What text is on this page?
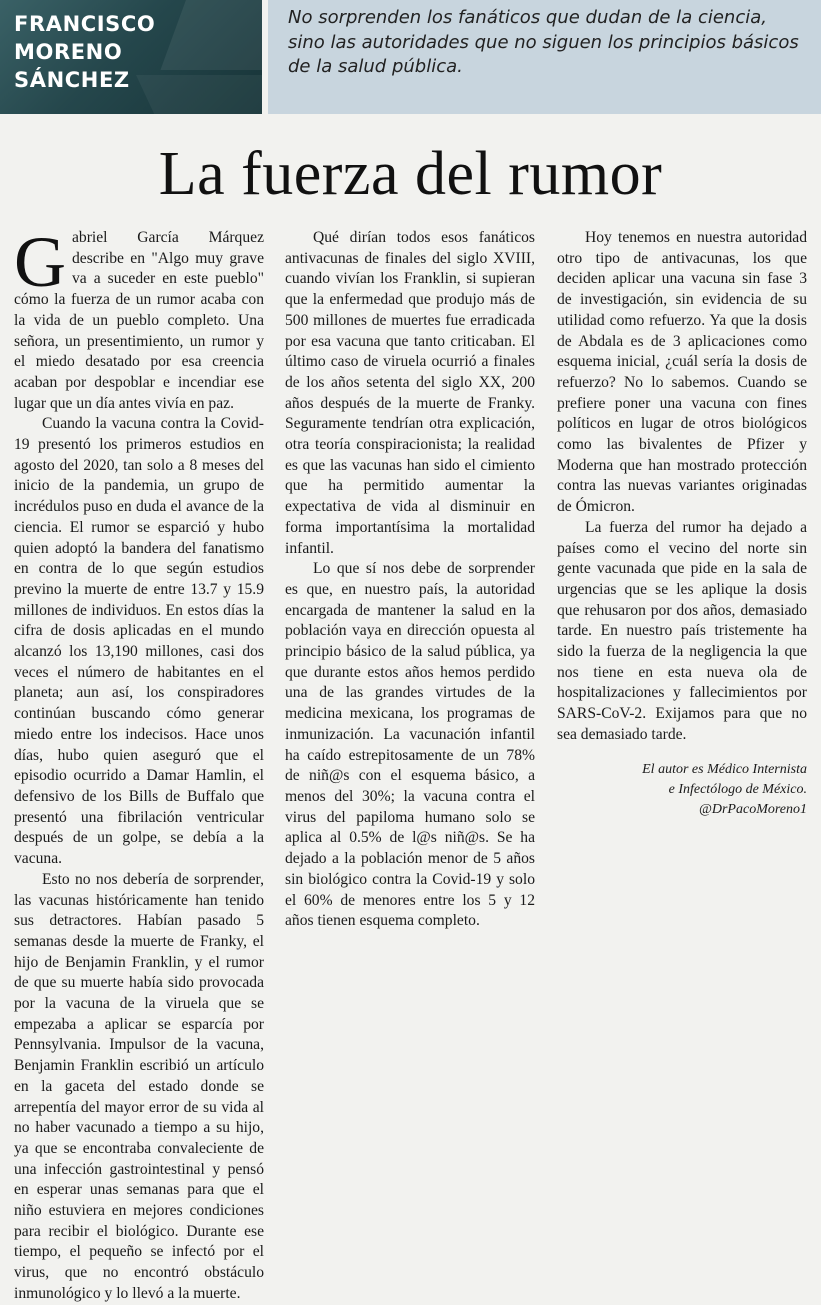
FRANCISCO
MORENO
SÁNCHEZ

No sorprenden los fanáticos que dudan de la ciencia, sino las autoridades que no siguen los principios básicos de la salud pública.

La fuerza del rumor

Gabriel García Márquez describe en "Algo muy grave va a suceder en este pueblo" cómo la fuerza de un rumor acaba con la vida de un pueblo completo. Una señora, un presentimiento, un rumor y el miedo desatado por esa creencia acaban por despoblar e incendiar ese lugar que un día antes vivía en paz.

Cuando la vacuna contra la Covid-19 presentó los primeros estudios en agosto del 2020, tan solo a 8 meses del inicio de la pandemia, un grupo de incrédulos puso en duda el avance de la ciencia. El rumor se esparció y hubo quien adoptó la bandera del fanatismo en contra de lo que según estudios previno la muerte de entre 13.7 y 15.9 millones de individuos. En estos días la cifra de dosis aplicadas en el mundo alcanzó los 13,190 millones, casi dos veces el número de habitantes en el planeta; aun así, los conspiradores continúan buscando cómo generar miedo entre los indecisos. Hace unos días, hubo quien aseguró que el episodio ocurrido a Damar Hamlin, el defensivo de los Bills de Buffalo que presentó una fibrilación ventricular después de un golpe, se debía a la vacuna.

Esto no nos debería de sorprender, las vacunas históricamente han tenido sus detractores. Habían pasado 5 semanas desde la muerte de Franky, el hijo de Benjamin Franklin, y el rumor de que su muerte había sido provocada por la vacuna de la viruela que se empezaba a aplicar se esparcía por Pennsylvania. Impulsor de la vacuna, Benjamin Franklin escribió un artículo en la gaceta del estado donde se arrepentía del mayor error de su vida al no haber vacunado a tiempo a su hijo, ya que se encontraba convaleciente de una infección gastrointestinal y pensó en esperar unas semanas para que el niño estuviera en mejores condiciones para recibir el biológico. Durante ese tiempo, el pequeño se infectó por el virus, que no encontró obstáculo inmunológico y lo llevó a la muerte.

Qué dirían todos esos fanáticos antivacunas de finales del siglo XVIII, cuando vivían los Franklin, si supieran que la enfermedad que produjo más de 500 millones de muertes fue erradicada por esa vacuna que tanto criticaban. El último caso de viruela ocurrió a finales de los años setenta del siglo XX, 200 años después de la muerte de Franky. Seguramente tendrían otra explicación, otra teoría conspiracionista; la realidad es que las vacunas han sido el cimiento que ha permitido aumentar la expectativa de vida al disminuir en forma importantísima la mortalidad infantil.

Lo que sí nos debe de sorprender es que, en nuestro país, la autoridad encargada de mantener la salud en la población vaya en dirección opuesta al principio básico de la salud pública, ya que durante estos años hemos perdido una de las grandes virtudes de la medicina mexicana, los programas de inmunización. La vacunación infantil ha caído estrepitosamente de un 78% de niñ@s con el esquema básico, a menos del 30%; la vacuna contra el virus del papiloma humano solo se aplica al 0.5% de l@s niñ@s. Se ha dejado a la población menor de 5 años sin biológico contra la Covid-19 y solo el 60% de menores entre los 5 y 12 años tienen esquema completo.

Hoy tenemos en nuestra autoridad otro tipo de antivacunas, los que deciden aplicar una vacuna sin fase 3 de investigación, sin evidencia de su utilidad como refuerzo. Ya que la dosis de Abdala es de 3 aplicaciones como esquema inicial, ¿cuál sería la dosis de refuerzo? No lo sabemos. Cuando se prefiere poner una vacuna con fines políticos en lugar de otros biológicos como las bivalentes de Pfizer y Moderna que han mostrado protección contra las nuevas variantes originadas de Ómicron.

La fuerza del rumor ha dejado a países como el vecino del norte sin gente vacunada que pide en la sala de urgencias que se les aplique la dosis que rehusaron por dos años, demasiado tarde. En nuestro país tristemente ha sido la fuerza de la negligencia la que nos tiene en esta nueva ola de hospitalizaciones y fallecimientos por SARS-CoV-2. Exijamos para que no sea demasiado tarde.

El autor es Médico Internista
e Infectólogo de México.
@DrPacoMoreno1
